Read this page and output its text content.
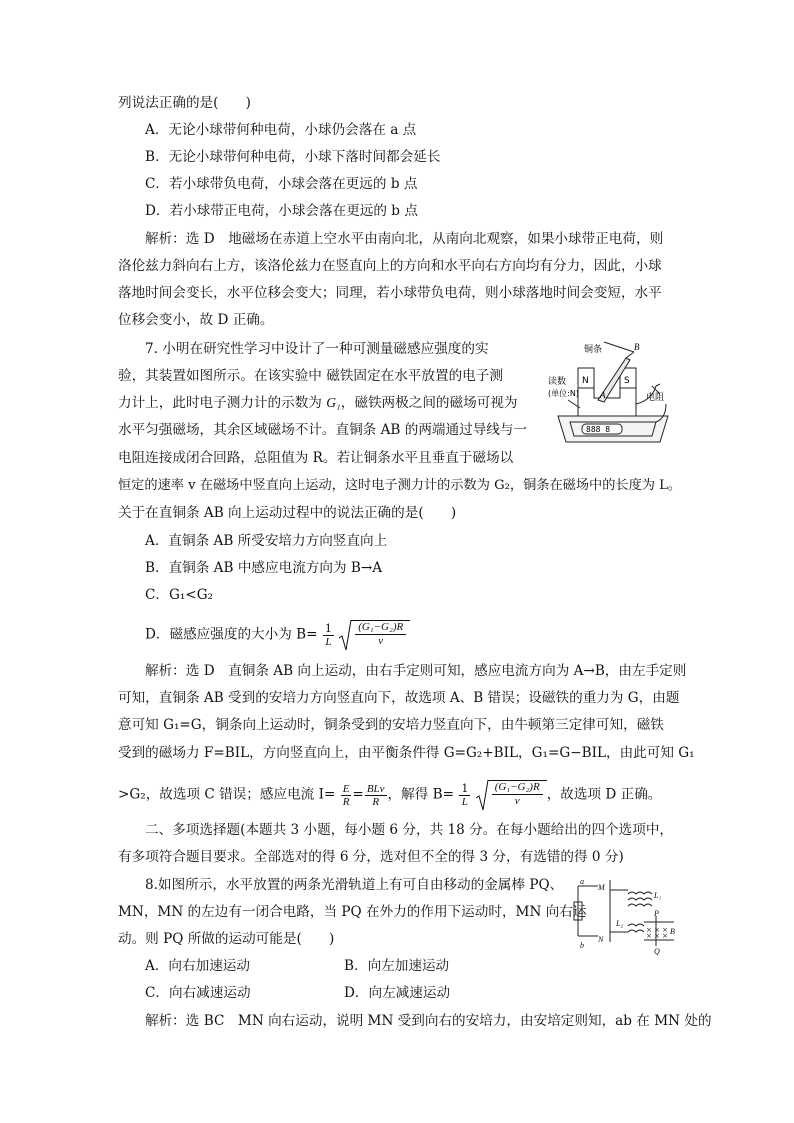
列说法正确的是(　　)
A．无论小球带何种电荷，小球仍会落在 a 点
B．无论小球带何种电荷，小球下落时间都会延长
C．若小球带负电荷，小球会落在更远的 b 点
D．若小球带正电荷，小球会落在更远的 b 点
解析：选 D　地磁场在赤道上空水平由南向北，从南向北观察，如果小球带正电荷，则
洛伦兹力斜向右上方，该洛伦兹力在竖直向上的方向和水平向右方向均有分力，因此，小球
落地时间会变长，水平位移会变大；同理，若小球带负电荷，则小球落地时间会变短，水平
位移会变小，故 D 正确。
7. 小明在研究性学习中设计了一种可测量磁感应强度的实
验，其装置如图所示。在该实验中 磁铁固定在水平放置的电子测
力计上，此时电子测力计的示数为 G₁，磁铁两极之间的磁场可视为
水平匀强磁场，其余区域磁场不计。直铜条 AB 的两端通过导线与一
电阻连接成闭合回路，总阻值为 R。若让铜条水平且垂直于磁场以
恒定的速率 v 在磁场中竖直向上运动，这时电子测力计的示数为 G₂，铜条在磁场中的长度为 L。
关于在直铜条 AB 向上运动过程中的说法正确的是(　　)
A．直铜条 AB 所受安培力方向竖直向上
B．直铜条 AB 中感应电流方向为 B→A
C．G₁<G₂
D．磁感应强度的大小为 $B= \frac{1}{L}$
$\frac{\text{(G₁−G₂)R}}{v}$
解析：选 D　直铜条 AB 向上运动，由右手定则可知，感应电流方向为 A→B，由左手定则
可知，直铜条 AB 受到的安培力方向竖直向下，故选项 A、B 错误；设磁铁的重力为 G，由题
意可知 G₁=G，铜条向上运动时，铜条受到的安培力竖直向下，由牛顿第三定律可知，磁铁
受到的磁场力 F=BIL，方向竖直向上，由平衡条件得 G=G₂+BIL，G₁=G−BIL，由此可知 G₁
>G₂，故选项 C 错误；感应电流 $I= \frac{E}{R} = \frac{\text{BLv}}{R}$ ，解得 $B= \frac{1}{L}$
$\frac{\text{(G₁−G₂)R}}{v}$ ，故选项 D 正确。
铜条	B
读数
(单位:N)
N	S
A	电阻
888 8
二、多项选择题(本题共 3 小题，每小题 6 分，共 18 分。在每小题给出的四个选项中，
有多项符合题目要求。全部选对的得 6 分，选对但不全的得 3 分，有选错的得 0 分)
8.如图所示，水平放置的两条光滑轨道上有可自由移动的金属棒 PQ、
MN，MN 的左边有一闭合电路，当 PQ 在外力的作用下运动时，MN 向右运
动。则 PQ 所做的运动可能是(　　)
A．向右加速运动	B．向左加速运动
C．向右减速运动	D．向左减速运动
解析：选 BC　MN 向右运动，说明 MN 受到向右的安培力，由安培定则知，ab 在 MN 处的
× × ×
× × ×
a
b
M
N
L₁
L₂
P
Q
B
